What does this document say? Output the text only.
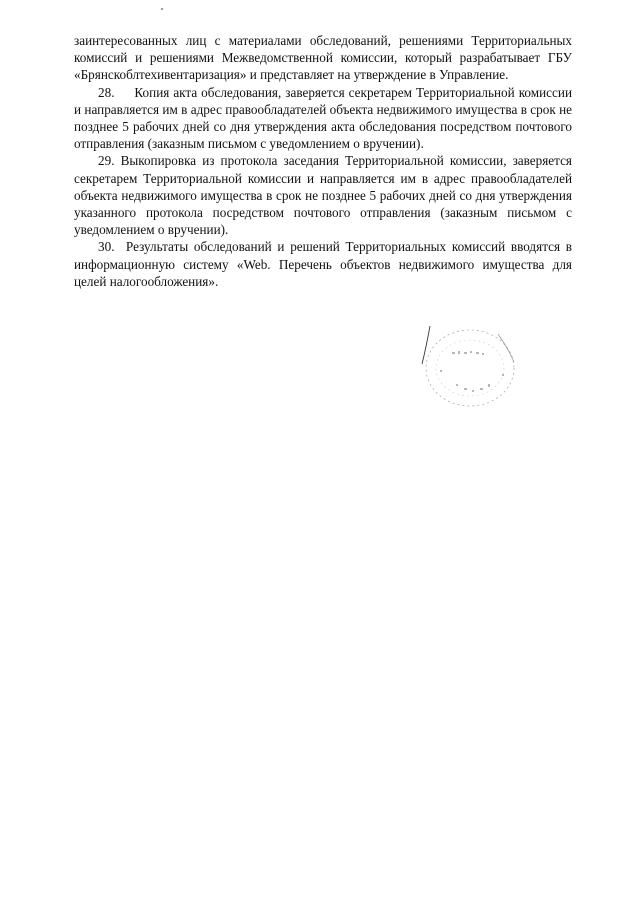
заинтересованных лиц с материалами обследований, решениями Территориальных комиссий и решениями Межведомственной комиссии, который разрабатывает ГБУ «Брянскоблтехивентаризация» и представляет на утверждение в Управление.

28. Копия акта обследования, заверяется секретарем Территориальной комиссии и направляется им в адрес правообладателей объекта недвижимого имущества в срок не позднее 5 рабочих дней со дня утверждения акта обследования посредством почтового отправления (заказным письмом с уведомлением о вручении).

29. Выкопировка из протокола заседания Территориальной комиссии, заверяется секретарем Территориальной комиссии и направляется им в адрес правообладателей объекта недвижимого имущества в срок не позднее 5 рабочих дней со дня утверждения указанного протокола посредством почтового отправления (заказным письмом с уведомлением о вручении).

30. Результаты обследований и решений Территориальных комиссий вводятся в информационную систему «Web. Перечень объектов недвижимого имущества для целей налогообложения».
